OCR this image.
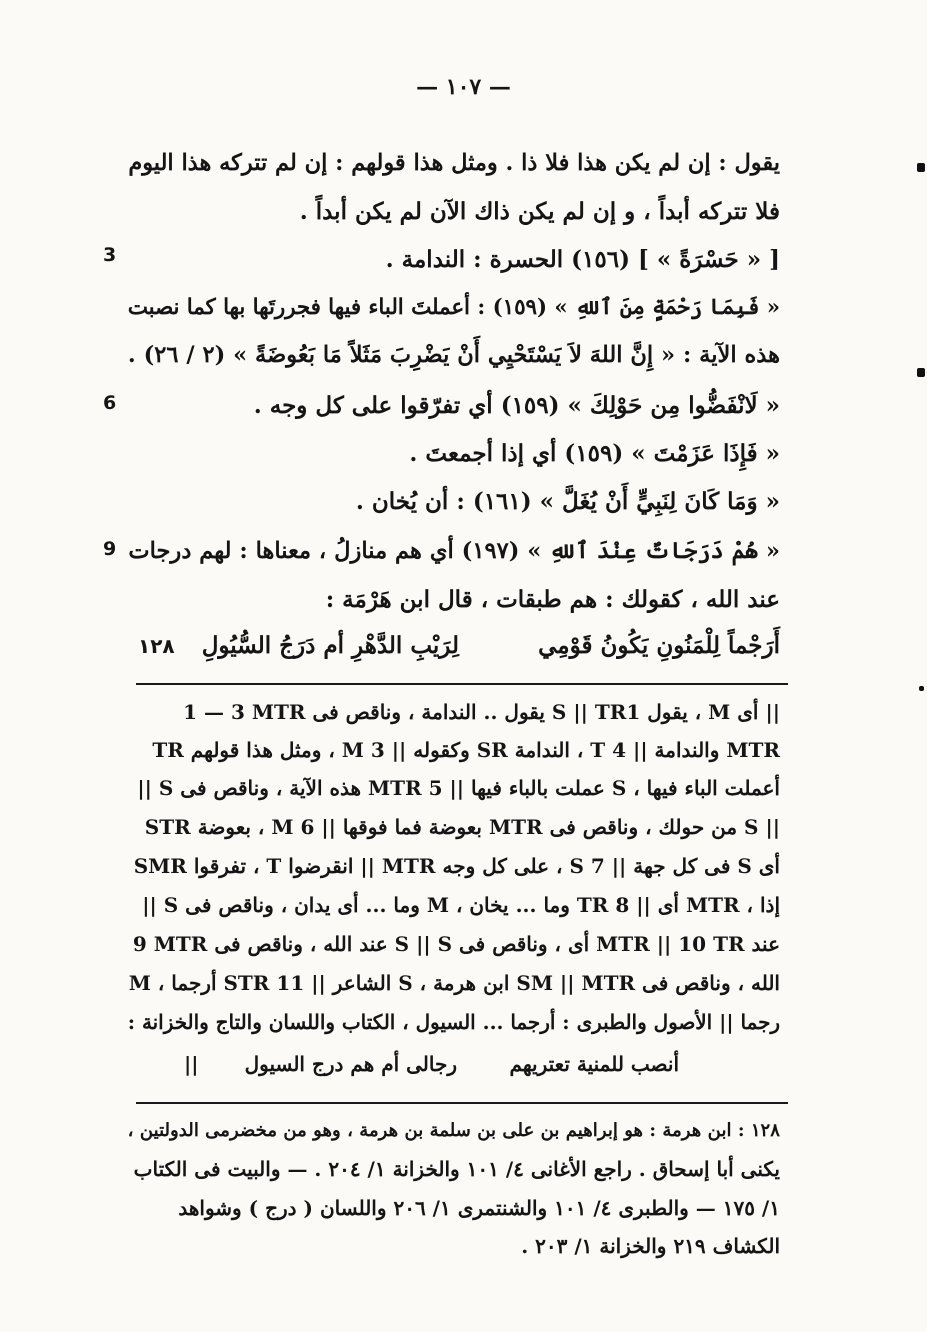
— ١٠٧ —
يقول : إن لم يكن هذا فلا ذا . ومثل هذا قولهم : إن لم تتركه هذا اليوم
فلا تتركه أبداً ، و إن لم يكن ذاك الآن لم يكن أبداً .
[ « حَسْرَةً » ] (١٥٦) الحسرة : الندامة .
« فَبِمَا رَحْمَةٍ مِنَ ٱللهِ » (١٥٩) : أعملتَ الباء فيها فجررتَها بها كما نصبت
هذه الآية : « إِنَّ اللهَ لاَ يَسْتَحْيِي أَنْ يَضْرِبَ مَثَلاً مَا بَعُوضَةً » (٢ / ٢٦) .
« لَانْفَضُّوا مِن حَوْلِكَ » (١٥٩) أي تفرّقوا على كل وجه .
« فَإِذَا عَزَمْتَ » (١٥٩) أي إذا أجمعتَ .
« وَمَا كَانَ لِنَبِيٍّ أَنْ يُغَلَّ » (١٦١) : أن يُخان .
« هُمْ دَرَجَاتٌ عِنْدَ ٱللهِ » (١٩٧) أي هم منازلُ ، معناها : لهم درجات
عند الله ، كقولك : هم طبقات ، قال ابن هَرْمَة :
3
6
9
أَرَجْماً لِلْمَنُونِ يَكُونُ قَوْمِي
لِرَيْبِ الدَّهْرِ أم دَرَجُ السُّيُولِ
١٢٨
1 — 3 MTR يقول .. الندامة ، وناقص فى S || TR1 يقول ، M أى ||
TR ومثل هذا قولهم ، M وكقوله || 3 SR الندامة ، T والندامة || 4 MTR
أعملت الباء فيها ، S عملت بالباء فيها || 5 MTR هذه الآية ، وناقص فى S ||
STR بعوضة ، M بعوضة فما فوقها || 6 MTR من حولك ، وناقص فى S ||
SMR تفرقوا ، T انقرضوا || MTR على كل وجه ، S فى كل جهة || 7 S أى
إذا ، MTR أى || 8 TR وما ... يخان ، M وما ... أى يدان ، وناقص فى S ||
9 MTR عند الله ، وناقص فى S || S أى ، وناقص فى MTR || 10 TR عند
الله ، وناقص فى SM || MTR ابن هرمة ، S الشاعر || 11 STR أرجما ، M
رجما || الأصول والطبرى : أرجما ... السيول ، الكتاب واللسان والتاج والخزانة :
أنصب للمنية تعتريهم
رجالى أم هم درج السيول
||
١٢٨ : ابن هرمة : هو إبراهيم بن على بن سلمة بن هرمة ، وهو من مخضرمى الدولتين ،
يكنى أبا إسحاق . راجع الأغانى ٤/ ١٠١ والخزانة ١/ ٢٠٤ . — والبيت فى الكتاب
١/ ١٧٥ — والطبرى ٤/ ١٠١ والشنتمرى ١/ ٢٠٦ واللسان ( درج ) وشواهد
الكشاف ٢١٩ والخزانة ١/ ٢٠٣ .
